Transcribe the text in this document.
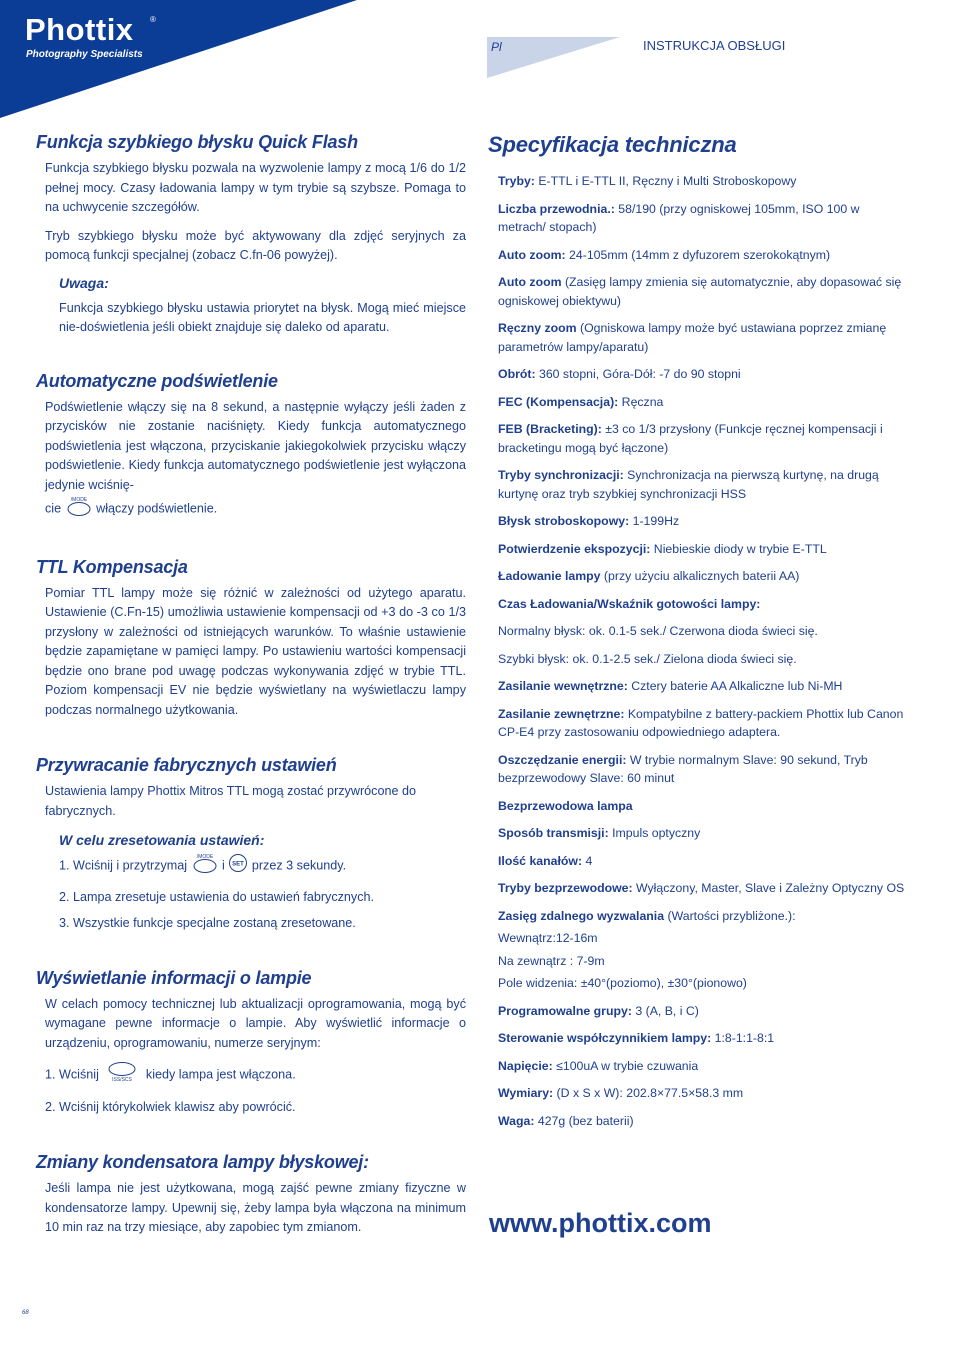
Phottix ®
Photography Specialists
Pl	INSTRUKCJA OBSŁUGI
Funkcja szybkiego błysku Quick Flash
Funkcja szybkiego błysku pozwala na wyzwolenie lampy z mocą 1/6 do 1/2 pełnej mocy. Czasy ładowania lampy w tym trybie są szybsze. Pomaga to na uchwycenie szczegółów.
Tryb szybkiego błysku może być aktywowany dla zdjęć seryjnych za pomocą funkcji specjalnej (zobacz C.fn-06 powyżej).
Uwaga:
Funkcja szybkiego błysku ustawia priorytet na błysk. Mogą mieć miejsce nie-doświetlenia jeśli obiekt znajduje się daleko od aparatu.
Automatyczne podświetlenie
Podświetlenie włączy się na 8 sekund, a następnie wyłączy jeśli żaden z przycisków nie zostanie naciśnięty. Kiedy funkcja automatycznego podświetlenia jest włączona, przyciskanie jakiegokolwiek przycisku włączy podświetlenie. Kiedy funkcja automatycznego podświetlenie jest wyłączona jedynie wciśnię-
cie
/MODE
włączy podświetlenie.
TTL Kompensacja
Pomiar TTL lampy może się różnić w zależności od użytego aparatu. Ustawienie (C.Fn-15) umożliwia ustawienie kompensacji od +3 do -3 co 1/3 przysłony w zależności od istniejących warunków. To właśnie ustawienie będzie zapamiętane w pamięci lampy. Po ustawieniu wartości kompensacji będzie ono brane pod uwagę podczas wykonywania zdjęć w trybie TTL. Poziom kompensacji EV nie będzie wyświetlany na wyświetlaczu lampy podczas normalnego użytkowania.
Przywracanie fabrycznych ustawień
Ustawienia lampy Phottix Mitros TTL mogą zostać przywrócone do fabrycznych.
W celu zresetowania ustawień:
1. Wciśnij i przytrzymaj
/MODE
i SET przez 3 sekundy.
2. Lampa zresetuje ustawienia do ustawień fabrycznych.
3. Wszystkie funkcje specjalne zostaną zresetowane.
Wyświetlanie informacji o lampie
W celach pomocy technicznej lub aktualizacji oprogramowania, mogą być wymagane pewne informacje o lampie. Aby wyświetlić informacje o urządzeniu, oprogramowaniu, numerze seryjnym:
1. Wciśnij	ISS/SCS kiedy lampa jest włączona.
2. Wciśnij którykolwiek klawisz aby powrócić.
Zmiany kondensatora lampy błyskowej:
Jeśli lampa nie jest użytkowana, mogą zajść pewne zmiany fizyczne w kondensatorze lampy. Upewnij się, żeby lampa była włączona na minimum 10 min raz na trzy miesiące, aby zapobiec tym zmianom.
Specyfikacja techniczna
Tryby: E-TTL i E-TTL II, Ręczny i Multi Stroboskopowy
Liczba przewodnia.: 58/190 (przy ogniskowej 105mm, ISO 100 w metrach/ stopach)
Auto zoom: 24-105mm (14mm z dyfuzorem szerokokątnym)
Auto zoom (Zasięg lampy zmienia się automatycznie, aby dopasować się ogniskowej obiektywu)
Ręczny zoom (Ogniskowa lampy może być ustawiana poprzez zmianę parametrów lampy/aparatu)
Obrót: 360 stopni, Góra-Dół: -7 do 90 stopni
FEC (Kompensacja): Ręczna
FEB (Bracketing): ±3 co 1/3 przysłony (Funkcje ręcznej kompensacji i bracketingu mogą być łączone)
Tryby synchronizacji: Synchronizacja na pierwszą kurtynę, na drugą kurtynę oraz tryb szybkiej synchronizacji HSS
Błysk stroboskopowy: 1-199Hz
Potwierdzenie ekspozycji: Niebieskie diody w trybie E-TTL
Ładowanie lampy (przy użyciu alkalicznych baterii AA)
Czas Ładowania/Wskaźnik gotowości lampy:
Normalny błysk: ok. 0.1-5 sek./ Czerwona dioda świeci się.
Szybki błysk: ok. 0.1-2.5 sek./ Zielona dioda świeci się.
Zasilanie wewnętrzne: Cztery baterie AA Alkaliczne lub Ni-MH
Zasilanie zewnętrzne: Kompatybilne z battery-packiem Phottix lub Canon CP-E4 przy zastosowaniu odpowiedniego adaptera.
Oszczędzanie energii: W trybie normalnym Slave: 90 sekund, Tryb bezprzewodowy Slave: 60 minut
Bezprzewodowa lampa
Sposób transmisji: Impuls optyczny
Ilość kanałów: 4
Tryby bezprzewodowe: Wyłączony, Master, Slave i Zależny Optyczny OS
Zasięg zdalnego wyzwalania (Wartości przybliżone.):
Wewnątrz:12-16m
Na zewnątrz : 7-9m
Pole widzenia: ±40°(poziomo), ±30°(pionowo)
Programowalne grupy: 3 (A, B, i C)
Sterowanie współczynnikiem lampy: 1:8-1:1-8:1
Napięcie: ≤100uA w trybie czuwania
Wymiary: (D x S x W): 202.8×77.5×58.3 mm
Waga: 427g (bez baterii)
www.phottix.com
68
